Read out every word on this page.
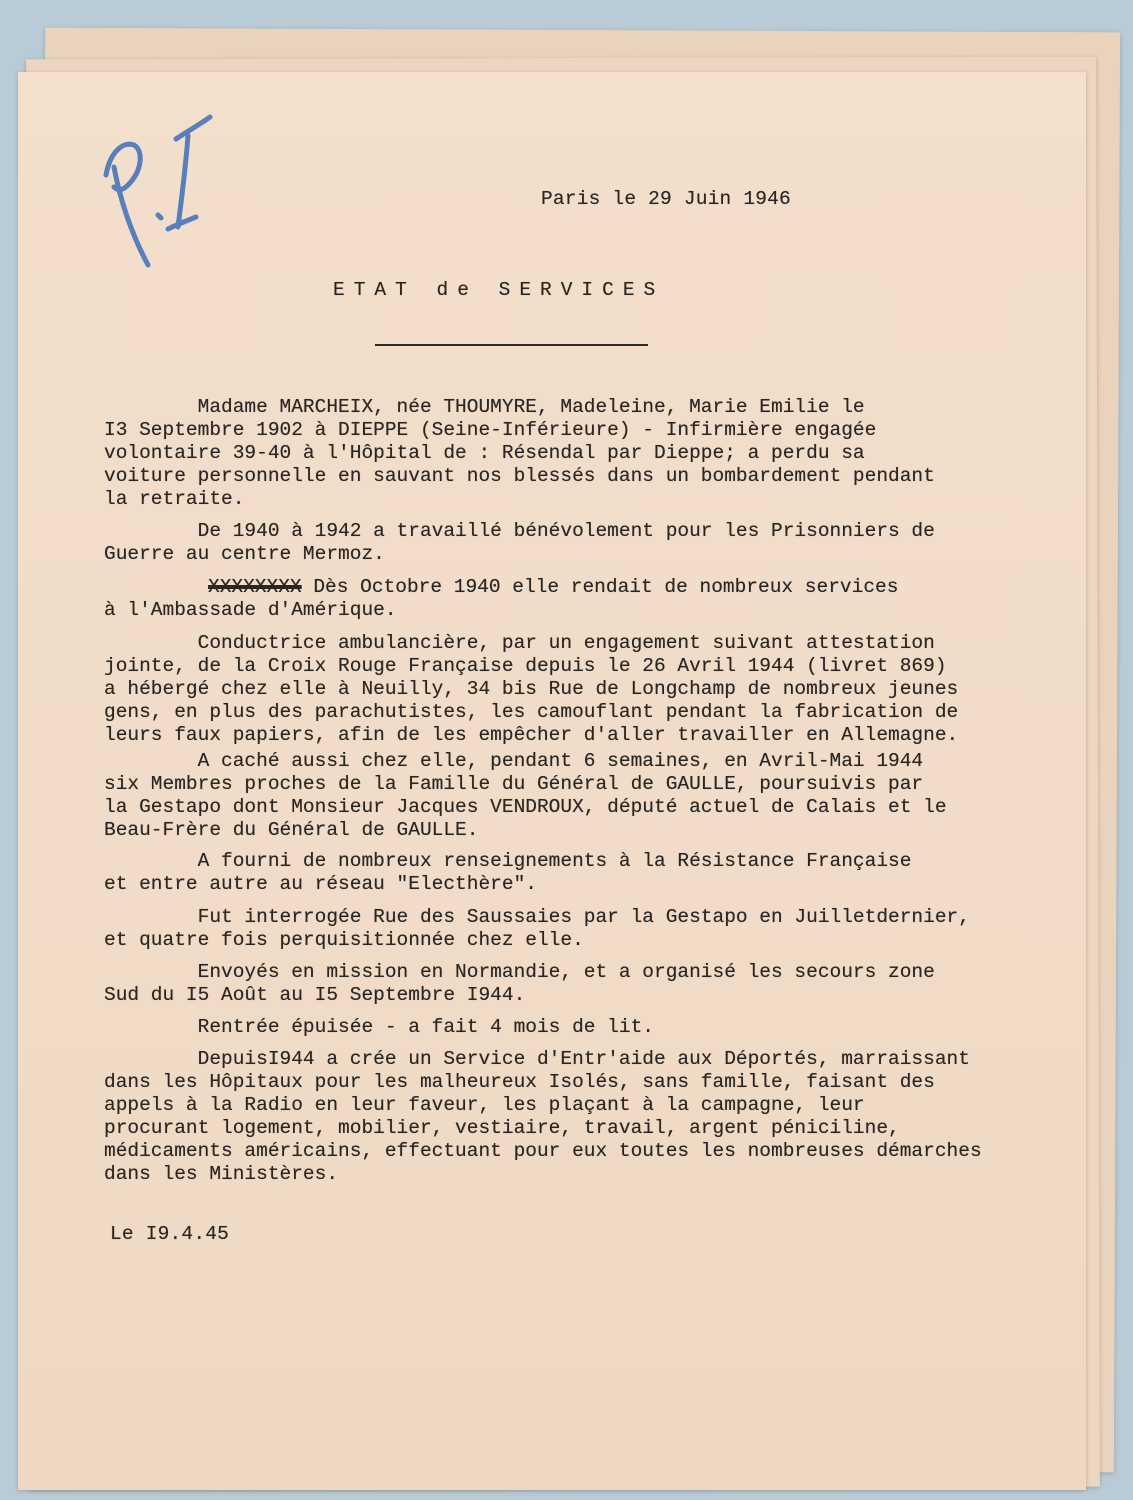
Paris le 29 Juin 1946

ETAT de SERVICES

Madame MARCHEIX, née THOUMYRE, Madeleine, Marie Emilie le

I3 Septembre 1902 à DIEPPE (Seine-Inférieure) - Infirmière engagée

volontaire 39-40 à l'Hôpital de : Résendal par Dieppe; a perdu sa

voiture personnelle en sauvant nos blessés dans un bombardement pendant

la retraite.

De 1940 à 1942 a travaillé bénévolement pour les Prisonniers de

Guerre au centre Mermoz.

XXXXXXXX Dès Octobre 1940 elle rendait de nombreux services

à l'Ambassade d'Amérique.

Conductrice ambulancière, par un engagement suivant attestation

jointe, de la Croix Rouge Française depuis le 26 Avril 1944 (livret 869)

a hébergé chez elle à Neuilly, 34 bis Rue de Longchamp de nombreux jeunes

gens, en plus des parachutistes, les camouflant pendant la fabrication de

leurs faux papiers, afin de les empêcher d'aller travailler en Allemagne.

A caché aussi chez elle, pendant 6 semaines, en Avril-Mai 1944

six Membres proches de la Famille du Général de GAULLE, poursuivis par

la Gestapo dont Monsieur Jacques VENDROUX, député actuel de Calais et le

Beau-Frère du Général de GAULLE.

A fourni de nombreux renseignements à la Résistance Française

et entre autre au réseau "Electhère".

Fut interrogée Rue des Saussaies par la Gestapo en Juilletdernier,

et quatre fois perquisitionnée chez elle.

Envoyés en mission en Normandie, et a organisé les secours zone

Sud du I5 Août au I5 Septembre I944.

Rentrée épuisée - a fait 4 mois de lit.

DepuisI944 a crée un Service d'Entr'aide aux Déportés, marraissant

dans les Hôpitaux pour les malheureux Isolés, sans famille, faisant des

appels à la Radio en leur faveur, les plaçant à la campagne, leur

procurant logement, mobilier, vestiaire, travail, argent péniciline,

médicaments américains, effectuant pour eux toutes les nombreuses démarches

dans les Ministères.

Le I9.4.45
